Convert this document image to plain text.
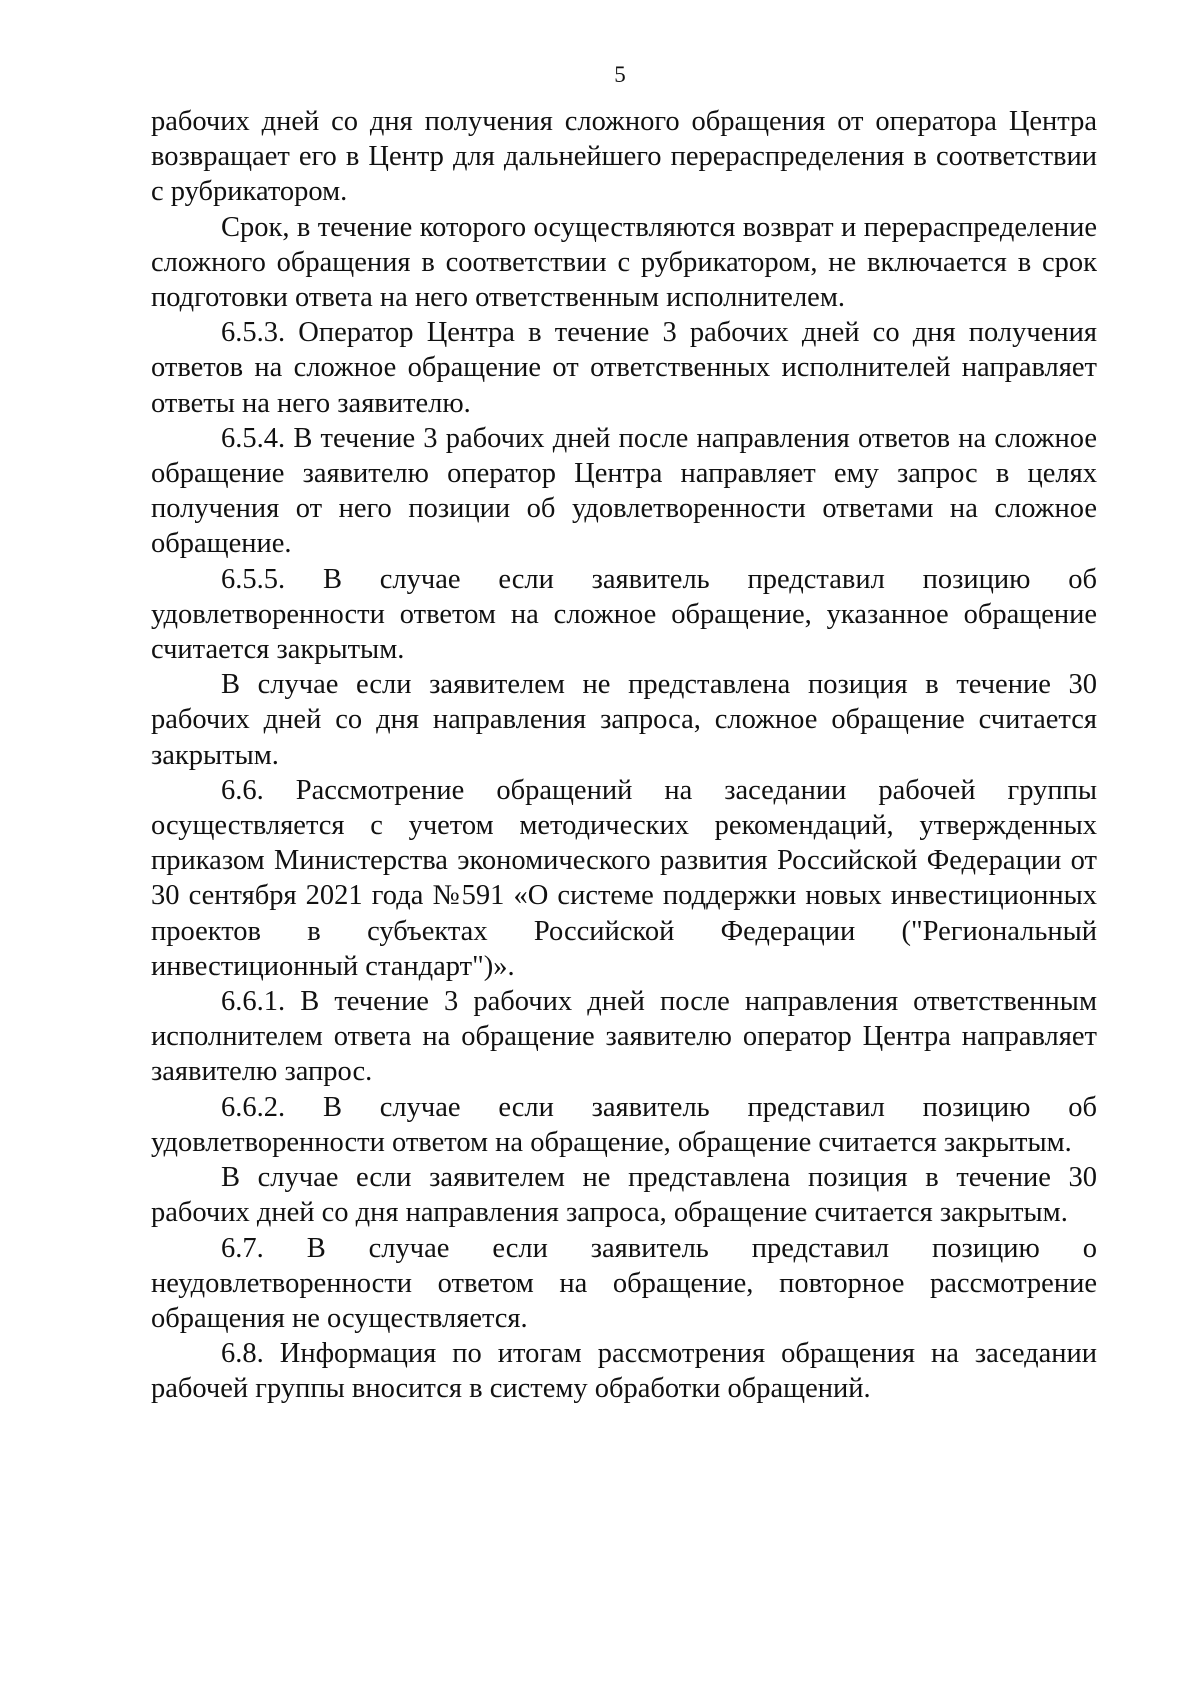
5

рабочих дней со дня получения сложного обращения от оператора Центра возвращает его в Центр для дальнейшего перераспределения в соответствии с рубрикатором.

Срок, в течение которого осуществляются возврат и перераспределение сложного обращения в соответствии с рубрикатором, не включается в срок подготовки ответа на него ответственным исполнителем.

6.5.3. Оператор Центра в течение 3 рабочих дней со дня получения ответов на сложное обращение от ответственных исполнителей направляет ответы на него заявителю.

6.5.4. В течение 3 рабочих дней после направления ответов на сложное обращение заявителю оператор Центра направляет ему запрос в целях получения от него позиции об удовлетворенности ответами на сложное обращение.

6.5.5. В случае если заявитель представил позицию об удовлетворенности ответом на сложное обращение, указанное обращение считается закрытым.

В случае если заявителем не представлена позиция в течение 30 рабочих дней со дня направления запроса, сложное обращение считается закрытым.

6.6. Рассмотрение обращений на заседании рабочей группы осуществляется с учетом методических рекомендаций, утвержденных приказом Министерства экономического развития Российской Федерации от 30 сентября 2021 года №591 «О системе поддержки новых инвестиционных проектов в субъектах Российской Федерации ("Региональный инвестиционный стандарт")».

6.6.1. В течение 3 рабочих дней после направления ответственным исполнителем ответа на обращение заявителю оператор Центра направляет заявителю запрос.

6.6.2. В случае если заявитель представил позицию об удовлетворенности ответом на обращение, обращение считается закрытым.

В случае если заявителем не представлена позиция в течение 30 рабочих дней со дня направления запроса, обращение считается закрытым.

6.7. В случае если заявитель представил позицию о неудовлетворенности ответом на обращение, повторное рассмотрение обращения не осуществляется.

6.8. Информация по итогам рассмотрения обращения на заседании рабочей группы вносится в систему обработки обращений.
